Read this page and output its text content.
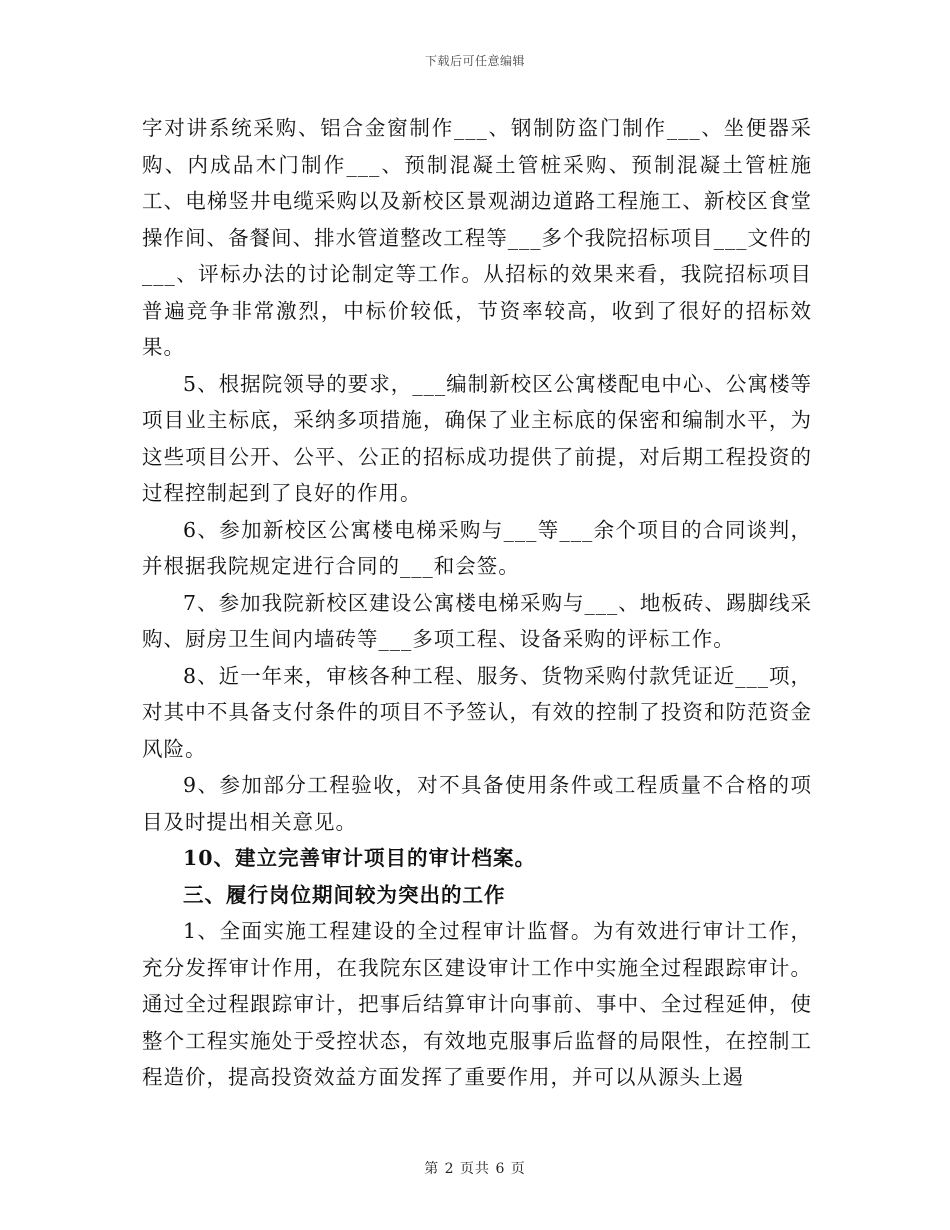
下载后可任意编辑

字对讲系统采购、铝合金窗制作___、钢制防盗门制作___、坐便器采购、内成品木门制作___、预制混凝土管桩采购、预制混凝土管桩施工、电梯竖井电缆采购以及新校区景观湖边道路工程施工、新校区食堂操作间、备餐间、排水管道整改工程等___多个我院招标项目___文件的___、评标办法的讨论制定等工作。从招标的效果来看，我院招标项目普遍竞争非常激烈，中标价较低，节资率较高，收到了很好的招标效果。

5、根据院领导的要求，___编制新校区公寓楼配电中心、公寓楼等项目业主标底，采纳多项措施，确保了业主标底的保密和编制水平，为这些项目公开、公平、公正的招标成功提供了前提，对后期工程投资的过程控制起到了良好的作用。

6、参加新校区公寓楼电梯采购与___等___余个项目的合同谈判，并根据我院规定进行合同的___和会签。

7、参加我院新校区建设公寓楼电梯采购与___、地板砖、踢脚线采购、厨房卫生间内墙砖等___多项工程、设备采购的评标工作。

8、近一年来，审核各种工程、服务、货物采购付款凭证近___项，对其中不具备支付条件的项目不予签认，有效的控制了投资和防范资金风险。

9、参加部分工程验收，对不具备使用条件或工程质量不合格的项目及时提出相关意见。

10、建立完善审计项目的审计档案。

三、履行岗位期间较为突出的工作

1、全面实施工程建设的全过程审计监督。为有效进行审计工作，充分发挥审计作用，在我院东区建设审计工作中实施全过程跟踪审计。通过全过程跟踪审计，把事后结算审计向事前、事中、全过程延伸，使整个工程实施处于受控状态，有效地克服事后监督的局限性，在控制工程造价，提高投资效益方面发挥了重要作用，并可以从源头上遏

第 2 页共 6 页
